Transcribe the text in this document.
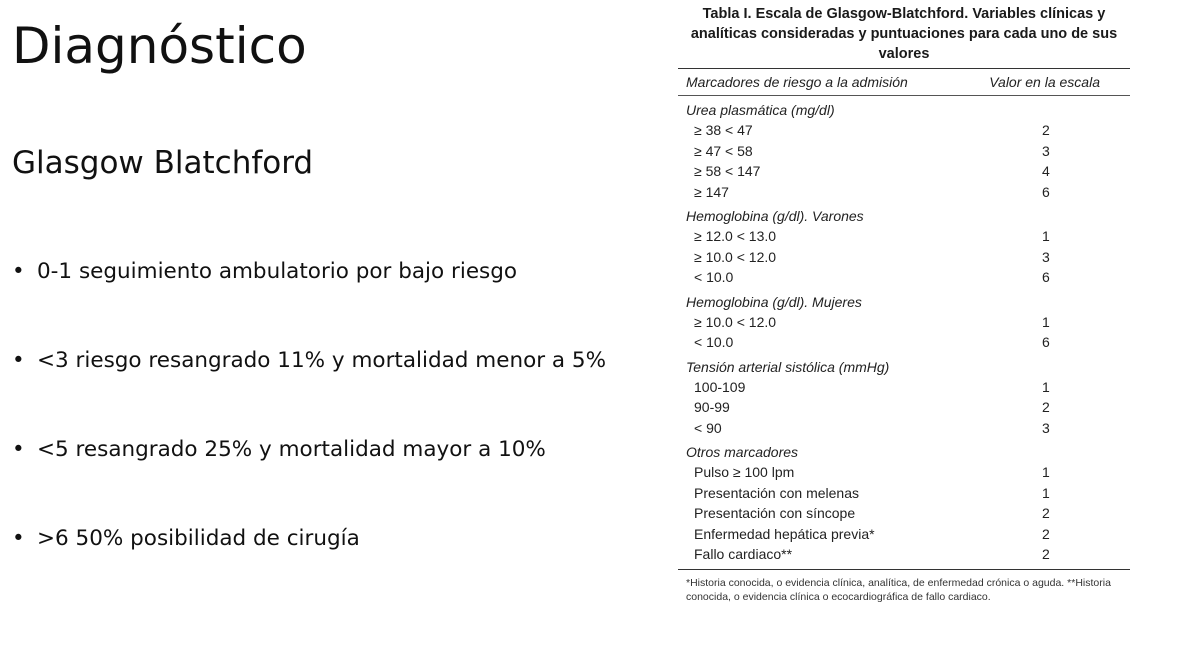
Diagnóstico
Glasgow Blatchford
• 0-1 seguimiento ambulatorio por bajo riesgo
• <3 riesgo resangrado 11% y mortalidad menor a 5%
• <5 resangrado 25% y mortalidad mayor a 10%
• >6 50% posibilidad de cirugía
Tabla I. Escala de Glasgow-Blatchford. Variables clínicas y analíticas consideradas y puntuaciones para cada uno de sus valores
Marcadores de riesgo a la admisión	Valor en la escala
Urea plasmática (mg/dl)
≥ 38 < 47	2
≥ 47 < 58	3
≥ 58 < 147	4
≥ 147	6
Hemoglobina (g/dl). Varones
≥ 12.0 < 13.0	1
≥ 10.0 < 12.0	3
< 10.0	6
Hemoglobina (g/dl). Mujeres
≥ 10.0 < 12.0	1
< 10.0	6
Tensión arterial sistólica (mmHg)
100-109	1
90-99	2
< 90	3
Otros marcadores
Pulso ≥ 100 lpm	1
Presentación con melenas	1
Presentación con síncope	2
Enfermedad hepática previa*	2
Fallo cardiaco**	2
*Historia conocida, o evidencia clínica, analítica, de enfermedad crónica o aguda. **Historia conocida, o evidencia clínica o ecocardiográfica de fallo cardiaco.
